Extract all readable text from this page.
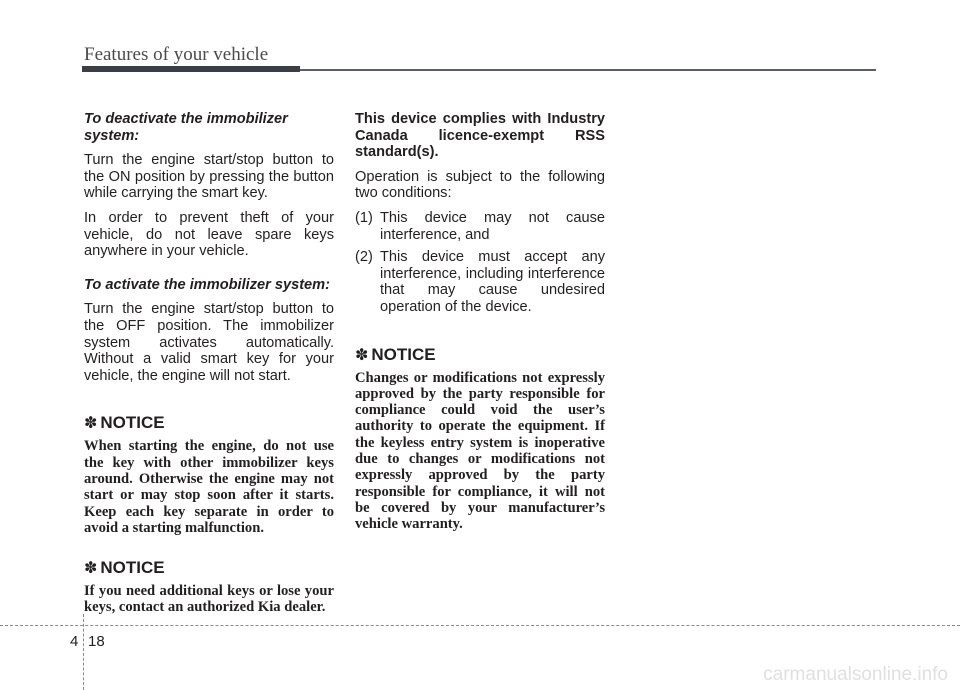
Features of your vehicle

To deactivate the immobilizer system:

Turn the engine start/stop button to the ON position by pressing the button while carrying the smart key.

In order to prevent theft of your vehicle, do not leave spare keys anywhere in your vehicle.

To activate the immobilizer system:

Turn the engine start/stop button to the OFF position. The immobilizer system activates automatically. Without a valid smart key for your vehicle, the engine will not start.

✽ NOTICE

When starting the engine, do not use the key with other immobilizer keys around. Otherwise the engine may not start or may stop soon after it starts. Keep each key separate in order to avoid a starting malfunction.

✽ NOTICE

If you need additional keys or lose your keys, contact an authorized Kia dealer.

This device complies with Industry Canada licence-exempt RSS standard(s).

Operation is subject to the following two conditions:

(1) This device may not cause interference, and
(2) This device must accept any interference, including interference that may cause undesired operation of the device.
✽ NOTICE

Changes or modifications not expressly approved by the party responsible for compliance could void the user’s authority to operate the equipment. If the keyless entry system is inoperative due to changes or modifications not expressly approved by the party responsible for compliance, it will not be covered by your manufacturer’s vehicle warranty.

4 18
carmanualsonline.info
